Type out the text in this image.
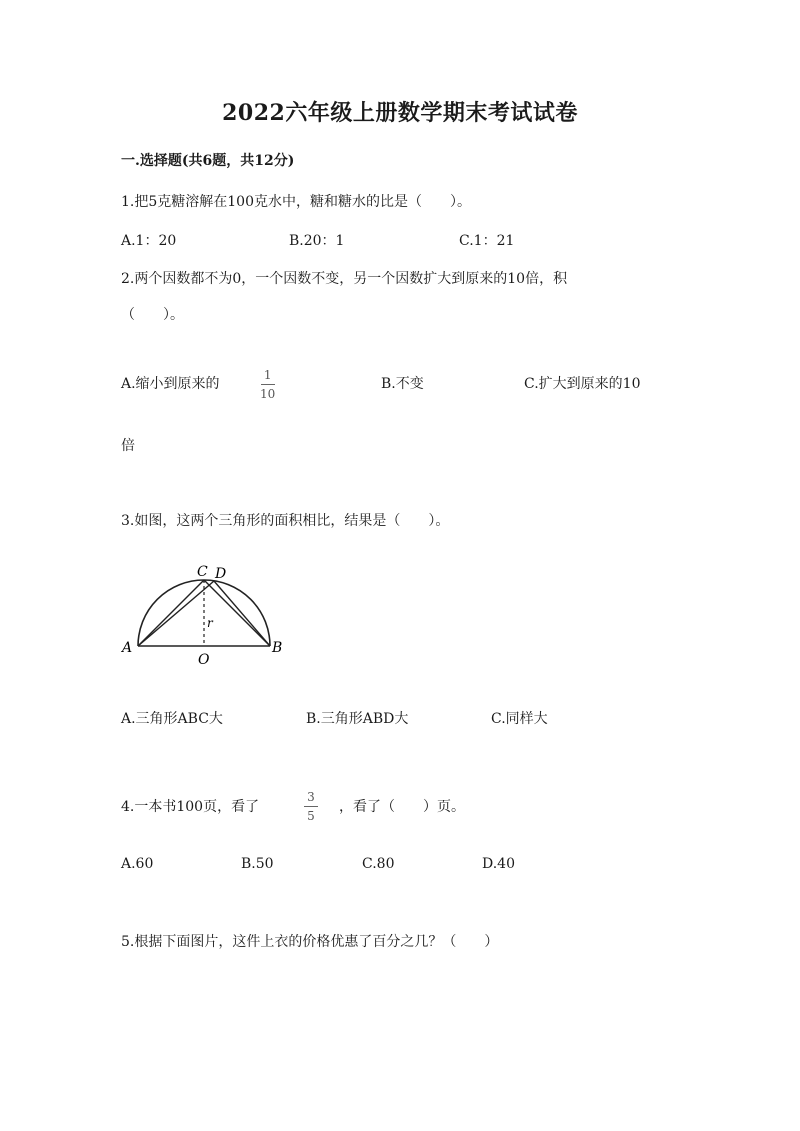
2022六年级上册数学期末考试试卷
一.选择题(共6题，共12分)
1.把5克糖溶解在100克水中，糖和糖水的比是（　　）。
A.1：20	B.20：1	C.1：21
2.两个因数都不为0，一个因数不变，另一个因数扩大到原来的10倍，积
（　　）。
A.缩小到原来的
1
10
B.不变	C.扩大到原来的10
倍
3.如图，这两个三角形的面积相比，结果是（　　）。
A	B
C D
O
r
A.三角形ABC大	B.三角形ABD大	C.同样大
4.一本书100页，看了
3
5
，看了（　　）页。
A.60	B.50	C.80	D.40
5.根据下面图片，这件上衣的价格优惠了百分之几？（　　）
